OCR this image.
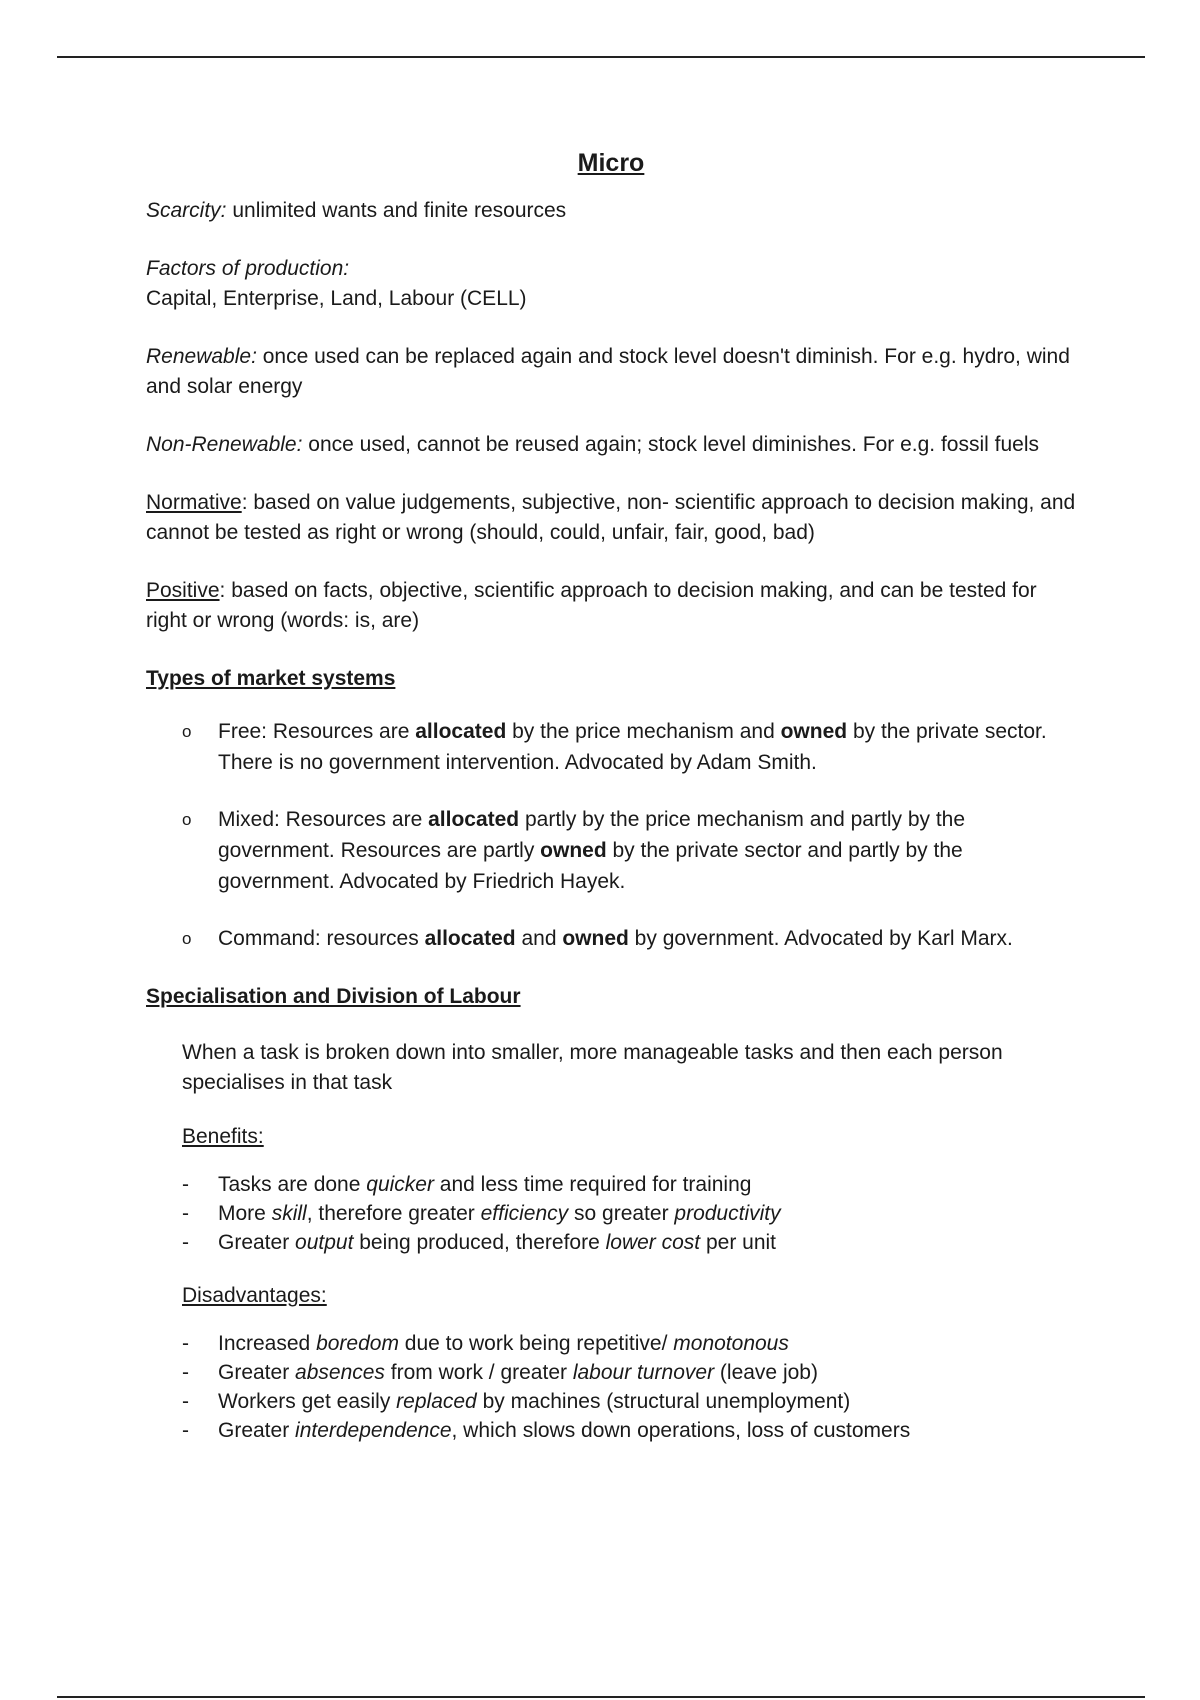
Micro

Scarcity: unlimited wants and finite resources

Factors of production:

Capital, Enterprise, Land, Labour (CELL)

Renewable: once used can be replaced again and stock level doesn't diminish. For e.g. hydro, wind and solar energy

Non-Renewable: once used, cannot be reused again; stock level diminishes. For e.g. fossil fuels

Normative: based on value judgements, subjective, non- scientific approach to decision making, and cannot be tested as right or wrong (should, could, unfair, fair, good, bad)

Positive: based on facts, objective, scientific approach to decision making, and can be tested for right or wrong (words: is, are)

Types of market systems

o Free: Resources are allocated by the price mechanism and owned by the private sector. There is no government intervention. Advocated by Adam Smith.
o Mixed: Resources are allocated partly by the price mechanism and partly by the government. Resources are partly owned by the private sector and partly by the government. Advocated by Friedrich Hayek.
o Command: resources allocated and owned by government. Advocated by Karl Marx.

Specialisation and Division of Labour

When a task is broken down into smaller, more manageable tasks and then each person specialises in that task

Benefits:

- Tasks are done quicker and less time required for training
- More skill, therefore greater efficiency so greater productivity
- Greater output being produced, therefore lower cost per unit

Disadvantages:

- Increased boredom due to work being repetitive/ monotonous
- Greater absences from work / greater labour turnover (leave job)
- Workers get easily replaced by machines (structural unemployment)
- Greater interdependence, which slows down operations, loss of customers
